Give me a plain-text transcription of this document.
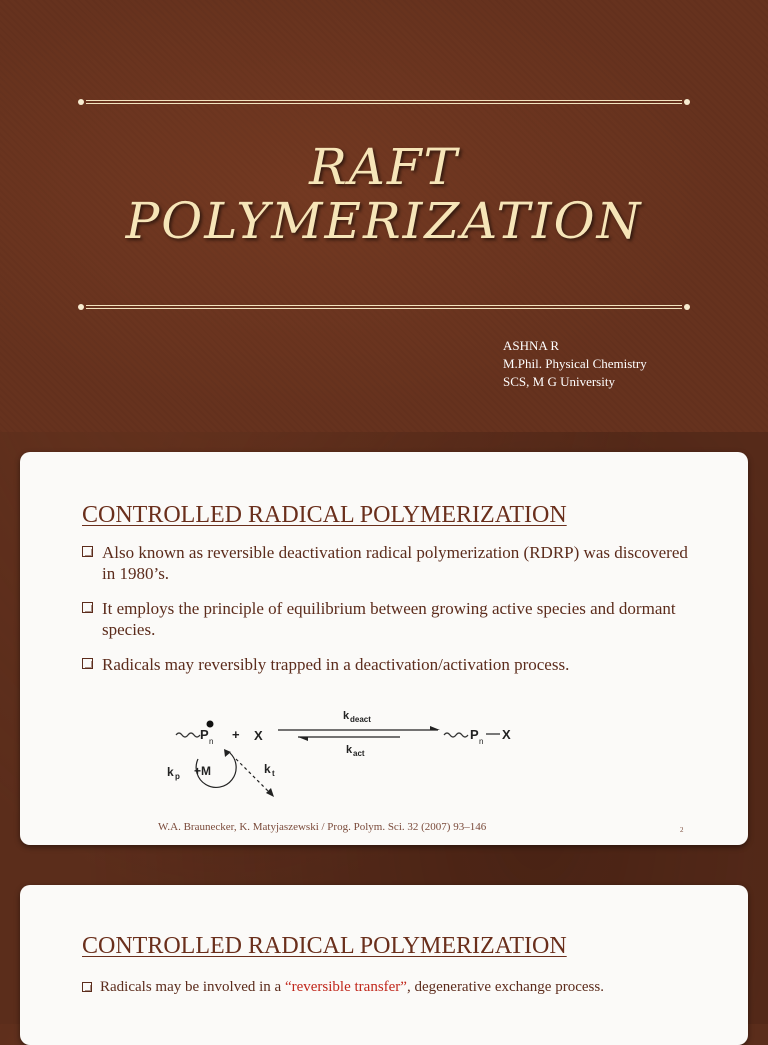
RAFT
POLYMERIZATION
ASHNA R
M.Phil. Physical Chemistry
SCS, M G University
CONTROLLED RADICAL POLYMERIZATION
Also known as reversible deactivation radical polymerization (RDRP) was discovered in 1980’s.
It employs the principle of equilibrium between growing active species and dormant species.
Radicals may reversibly trapped in a deactivation/activation process.
P n + X
k deact
k act
P n X
k p +M	k t
W.A. Braunecker, K. Matyjaszewski / Prog. Polym. Sci. 32 (2007) 93–146	2
CONTROLLED RADICAL POLYMERIZATION
Radicals may be involved in a “reversible transfer”, degenerative exchange process.
